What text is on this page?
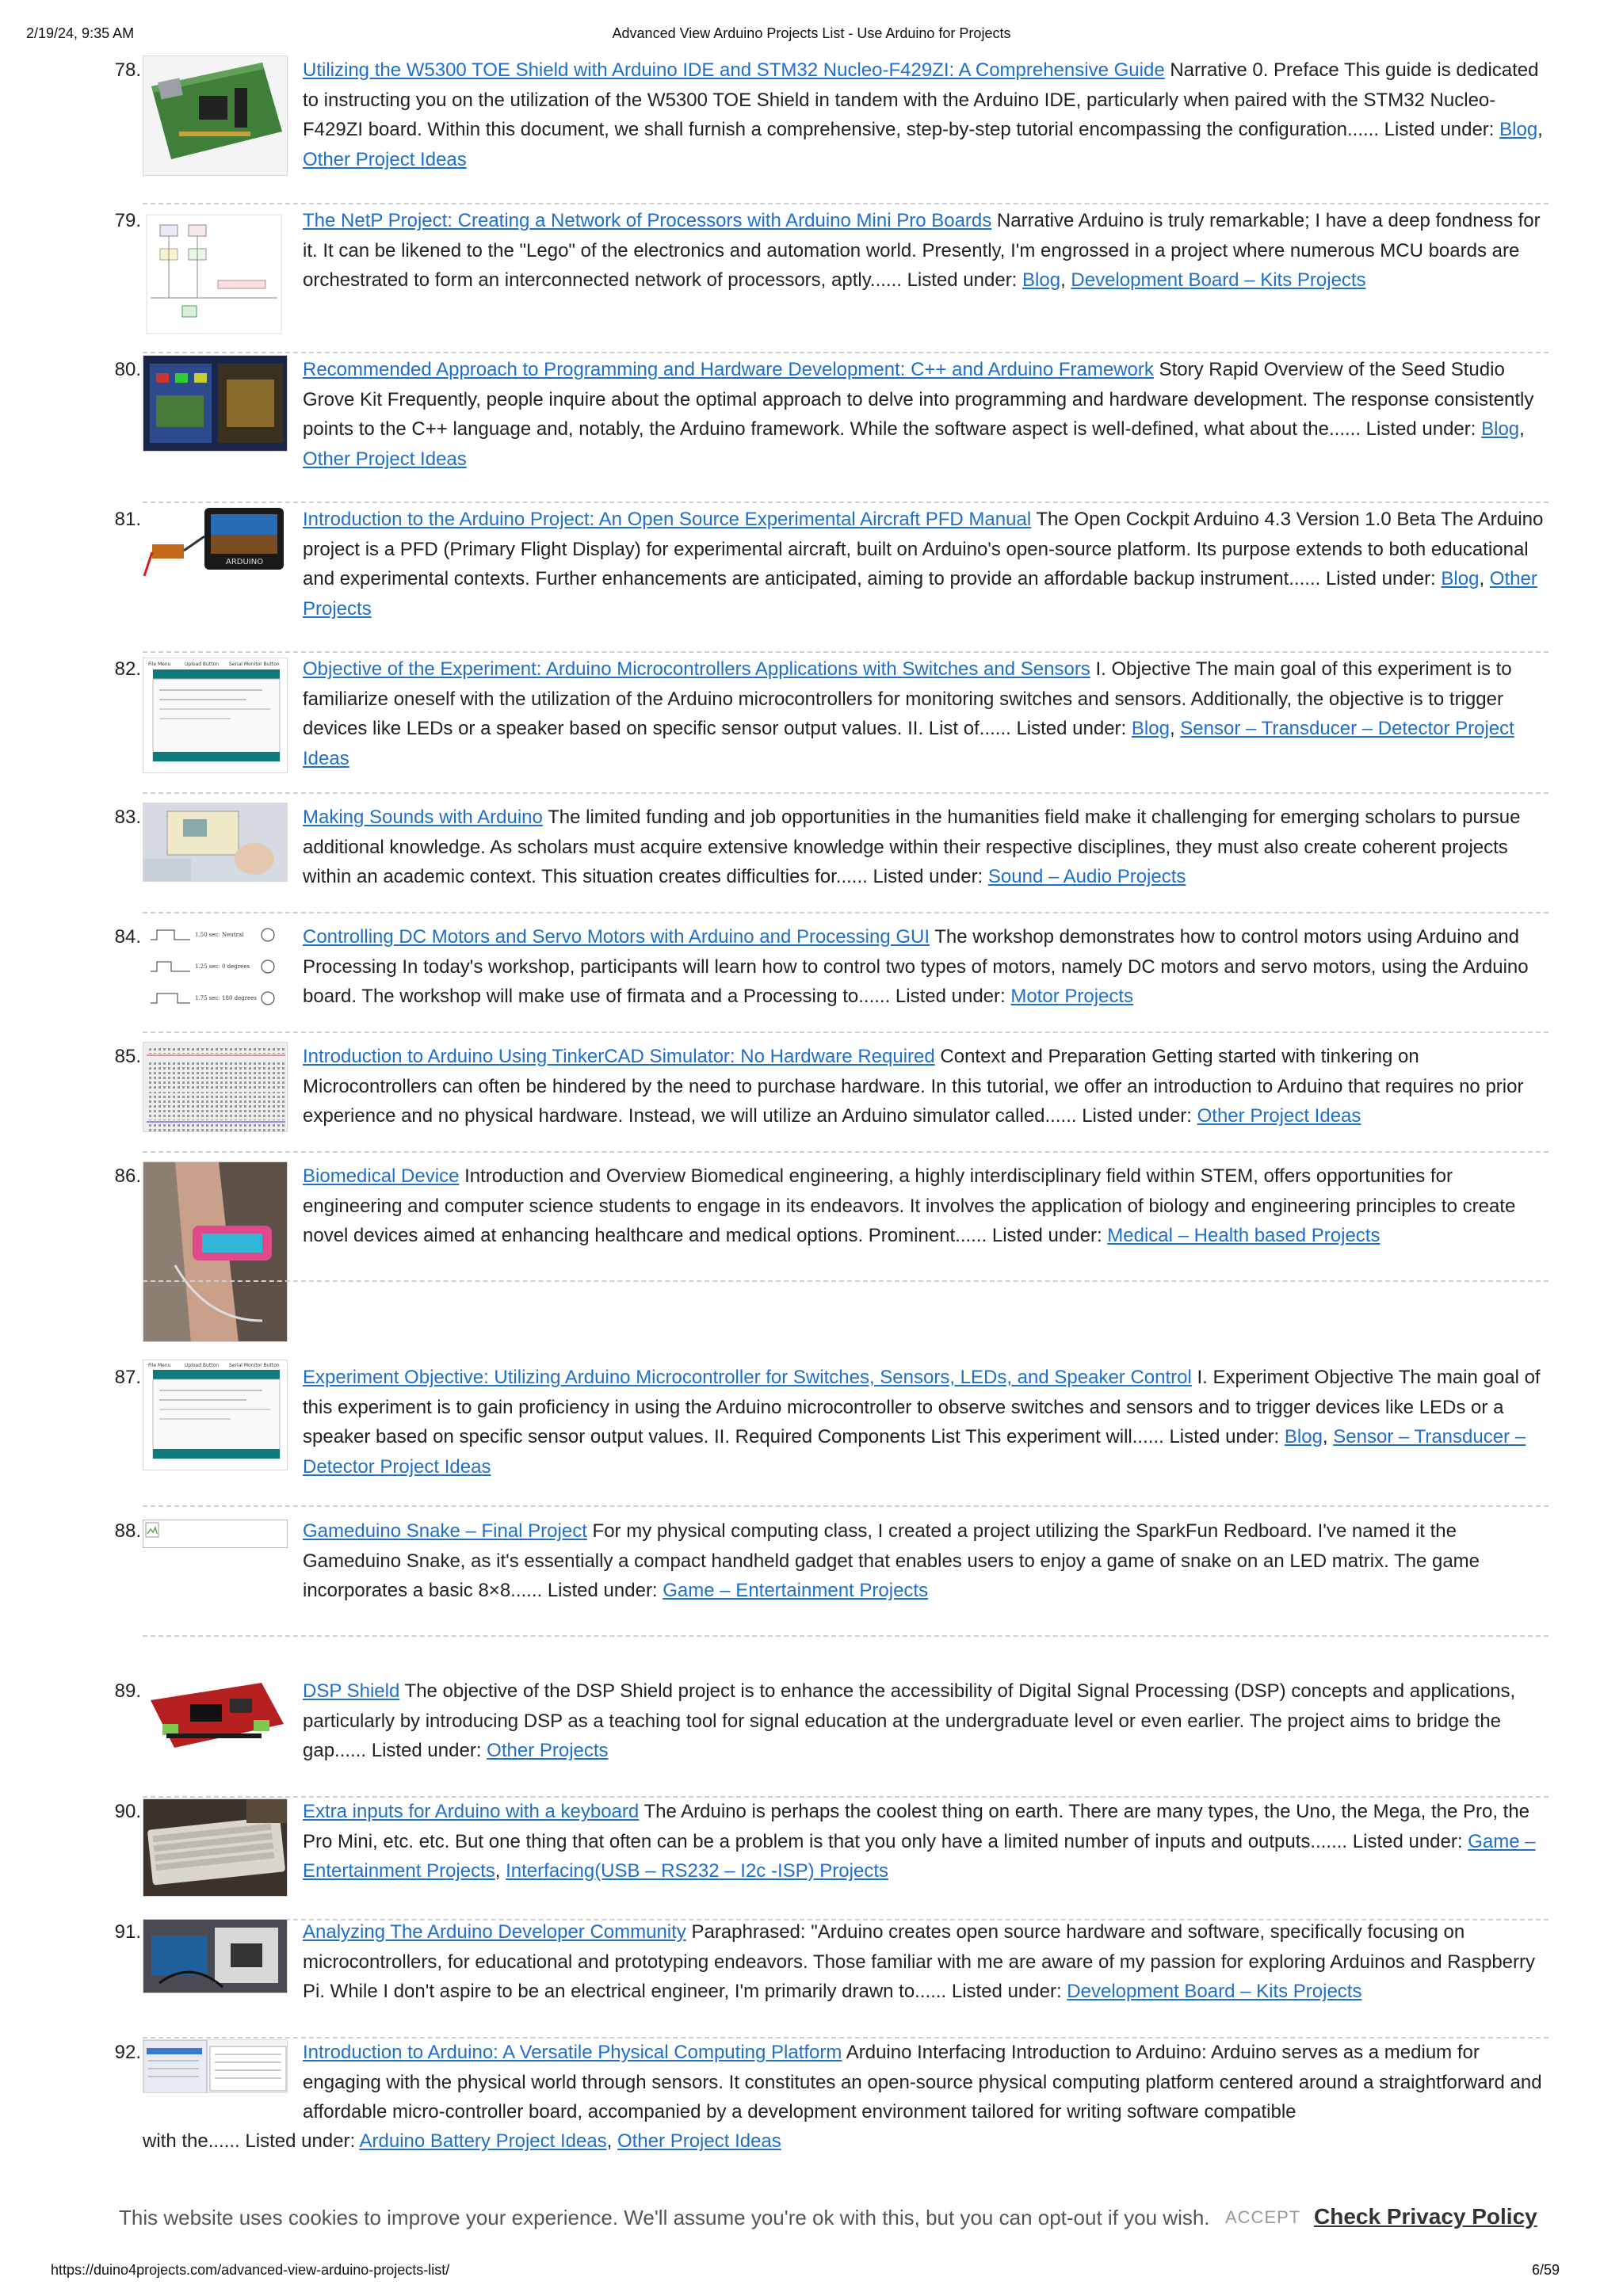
2/19/24, 9:35 AM	Advanced View Arduino Projects List - Use Arduino for Projects
78.	Utilizing the W5300 TOE Shield with Arduino IDE and STM32 Nucleo-F429ZI: A Comprehensive Guide Narrative 0. Preface This guide is dedicated to instructing you on the utilization of the W5300 TOE Shield in tandem with the Arduino IDE, particularly when paired with the STM32 Nucleo-F429ZI board. Within this document, we shall furnish a comprehensive, step-by-step tutorial encompassing the configuration...... Listed under: Blog, Other Project Ideas
79.	The NetP Project: Creating a Network of Processors with Arduino Mini Pro Boards Narrative Arduino is truly remarkable; I have a deep fondness for it. It can be likened to the "Lego" of the electronics and automation world. Presently, I'm engrossed in a project where numerous MCU boards are orchestrated to form an interconnected network of processors, aptly...... Listed under: Blog, Development Board – Kits Projects
80.	Recommended Approach to Programming and Hardware Development: C++ and Arduino Framework Story Rapid Overview of the Seed Studio Grove Kit Frequently, people inquire about the optimal approach to delve into programming and hardware development. The response consistently points to the C++ language and, notably, the Arduino framework. While the software aspect is well-defined, what about the...... Listed under: Blog, Other Project Ideas
81.
ARDUINO
Introduction to the Arduino Project: An Open Source Experimental Aircraft PFD Manual The Open Cockpit Arduino 4.3 Version 1.0 Beta The Arduino project is a PFD (Primary Flight Display) for experimental aircraft, built on Arduino's open-source platform. Its purpose extends to both educational and experimental contexts. Further enhancements are anticipated, aiming to provide an affordable backup instrument...... Listed under: Blog, Other Projects
82. File Menu	Upload Button Serial Monitor Button Objective of the Experiment: Arduino Microcontrollers Applications with Switches and Sensors I. Objective The main goal of this experiment is to familiarize oneself with the utilization of the Arduino microcontrollers for monitoring switches and sensors. Additionally, the objective is to trigger devices like LEDs or a speaker based on specific sensor output values. II. List of...... Listed under: Blog, Sensor – Transducer – Detector Project Ideas
83.	Making Sounds with Arduino The limited funding and job opportunities in the humanities field make it challenging for emerging scholars to pursue additional knowledge. As scholars must acquire extensive knowledge within their respective disciplines, they must also create coherent projects within an academic context. This situation creates difficulties for...... Listed under: Sound – Audio Projects
84.	1.50 sec: Neutral
1.25 sec: 0 degrees
1.75 sec: 180 degrees
Controlling DC Motors and Servo Motors with Arduino and Processing GUI The workshop demonstrates how to control motors using Arduino and Processing In today's workshop, participants will learn how to control two types of motors, namely DC motors and servo motors, using the Arduino board. The workshop will make use of firmata and a Processing to...... Listed under: Motor Projects
85.	Introduction to Arduino Using TinkerCAD Simulator: No Hardware Required Context and Preparation Getting started with tinkering on Microcontrollers can often be hindered by the need to purchase hardware. In this tutorial, we offer an introduction to Arduino that requires no prior experience and no physical hardware. Instead, we will utilize an Arduino simulator called...... Listed under: Other Project Ideas
86.	Biomedical Device Introduction and Overview Biomedical engineering, a highly interdisciplinary field within STEM, offers opportunities for engineering and computer science students to engage in its endeavors. It involves the application of biology and engineering principles to create novel devices aimed at enhancing healthcare and medical options. Prominent...... Listed under: Medical – Health based Projects
87.
File Menu	Upload Button Serial Monitor Button
Experiment Objective: Utilizing Arduino Microcontroller for Switches, Sensors, LEDs, and Speaker Control I. Experiment Objective The main goal of this experiment is to gain proficiency in using the Arduino microcontroller to observe switches and sensors and to trigger devices like LEDs or a speaker based on specific sensor output values. II. Required Components List This experiment will...... Listed under: Blog, Sensor – Transducer – Detector Project Ideas
88.	Gameduino Snake – Final Project For my physical computing class, I created a project utilizing the SparkFun Redboard. I've named it the Gameduino Snake, as it's essentially a compact handheld gadget that enables users to enjoy a game of snake on an LED matrix. The game incorporates a basic 8×8...... Listed under: Game – Entertainment Projects
89.	DSP Shield The objective of the DSP Shield project is to enhance the accessibility of Digital Signal Processing (DSP) concepts and applications, particularly by introducing DSP as a teaching tool for signal education at the undergraduate level or even earlier. The project aims to bridge the gap...... Listed under: Other Projects
90.	Extra inputs for Arduino with a keyboard The Arduino is perhaps the coolest thing on earth. There are many types, the Uno, the Mega, the Pro, the Pro Mini, etc. etc. But one thing that often can be a problem is that you only have a limited number of inputs and outputs....... Listed under: Game – Entertainment Projects, Interfacing(USB – RS232 – I2c -ISP) Projects
91.	Analyzing The Arduino Developer Community Paraphrased: "Arduino creates open source hardware and software, specifically focusing on microcontrollers, for educational and prototyping endeavors. Those familiar with me are aware of my passion for exploring Arduinos and Raspberry Pi. While I don't aspire to be an electrical engineer, I'm primarily drawn to...... Listed under: Development Board – Kits Projects
92.	Introduction to Arduino: A Versatile Physical Computing Platform Arduino Interfacing Introduction to Arduino: Arduino serves as a medium for engaging with the physical world through sensors. It constitutes an open-source physical computing platform centered around a straightforward and affordable micro-controller board, accompanied by a development environment tailored for writing software compatible
with the...... Listed under: Arduino Battery Project Ideas, Other Project Ideas
This website uses cookies to improve your experience. We'll assume you're ok with this, but you can opt-out if you wish. ACCEPT Check Privacy Policy
https://duino4projects.com/advanced-view-arduino-projects-list/	6/59
